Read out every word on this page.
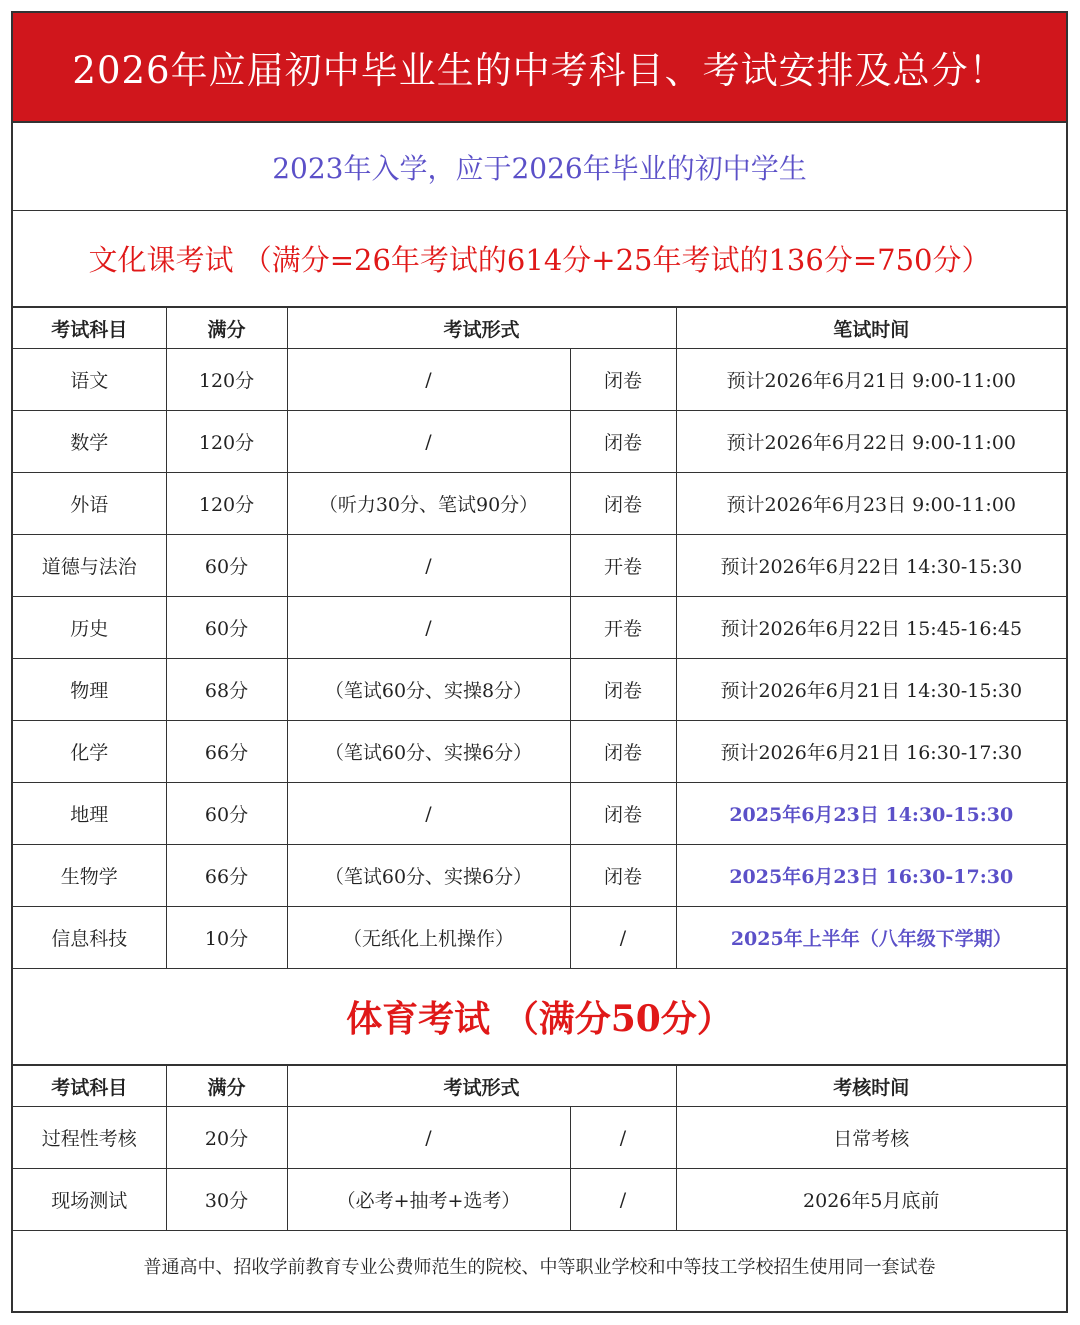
2026年应届初中毕业生的中考科目、考试安排及总分！
2023年入学，应于2026年毕业的初中学生
文化课考试 （满分=26年考试的614分+25年考试的136分=750分）
考试科目	满分	考试形式		笔试时间
语文	120分	/	闭卷	预计2026年6月21日 9:00-11:00
数学	120分	/	闭卷	预计2026年6月22日 9:00-11:00
外语	120分	（听力30分、笔试90分）	闭卷	预计2026年6月23日 9:00-11:00
道德与法治	60分	/	开卷	预计2026年6月22日 14:30-15:30
历史	60分	/	开卷	预计2026年6月22日 15:45-16:45
物理	68分	（笔试60分、实操8分）	闭卷	预计2026年6月21日 14:30-15:30
化学	66分	（笔试60分、实操6分）	闭卷	预计2026年6月21日 16:30-17:30
地理	60分	/	闭卷	2025年6月23日 14:30-15:30
生物学	66分	（笔试60分、实操6分）	闭卷	2025年6月23日 16:30-17:30
信息科技	10分	（无纸化上机操作）	/	2025年上半年（八年级下学期）
体育考试 （满分50分）
考试科目	满分	考试形式		考核时间
过程性考核	20分	/	/	日常考核
现场测试	30分	（必考+抽考+选考）	/	2026年5月底前
普通高中、招收学前教育专业公费师范生的院校、中等职业学校和中等技工学校招生使用同一套试卷
